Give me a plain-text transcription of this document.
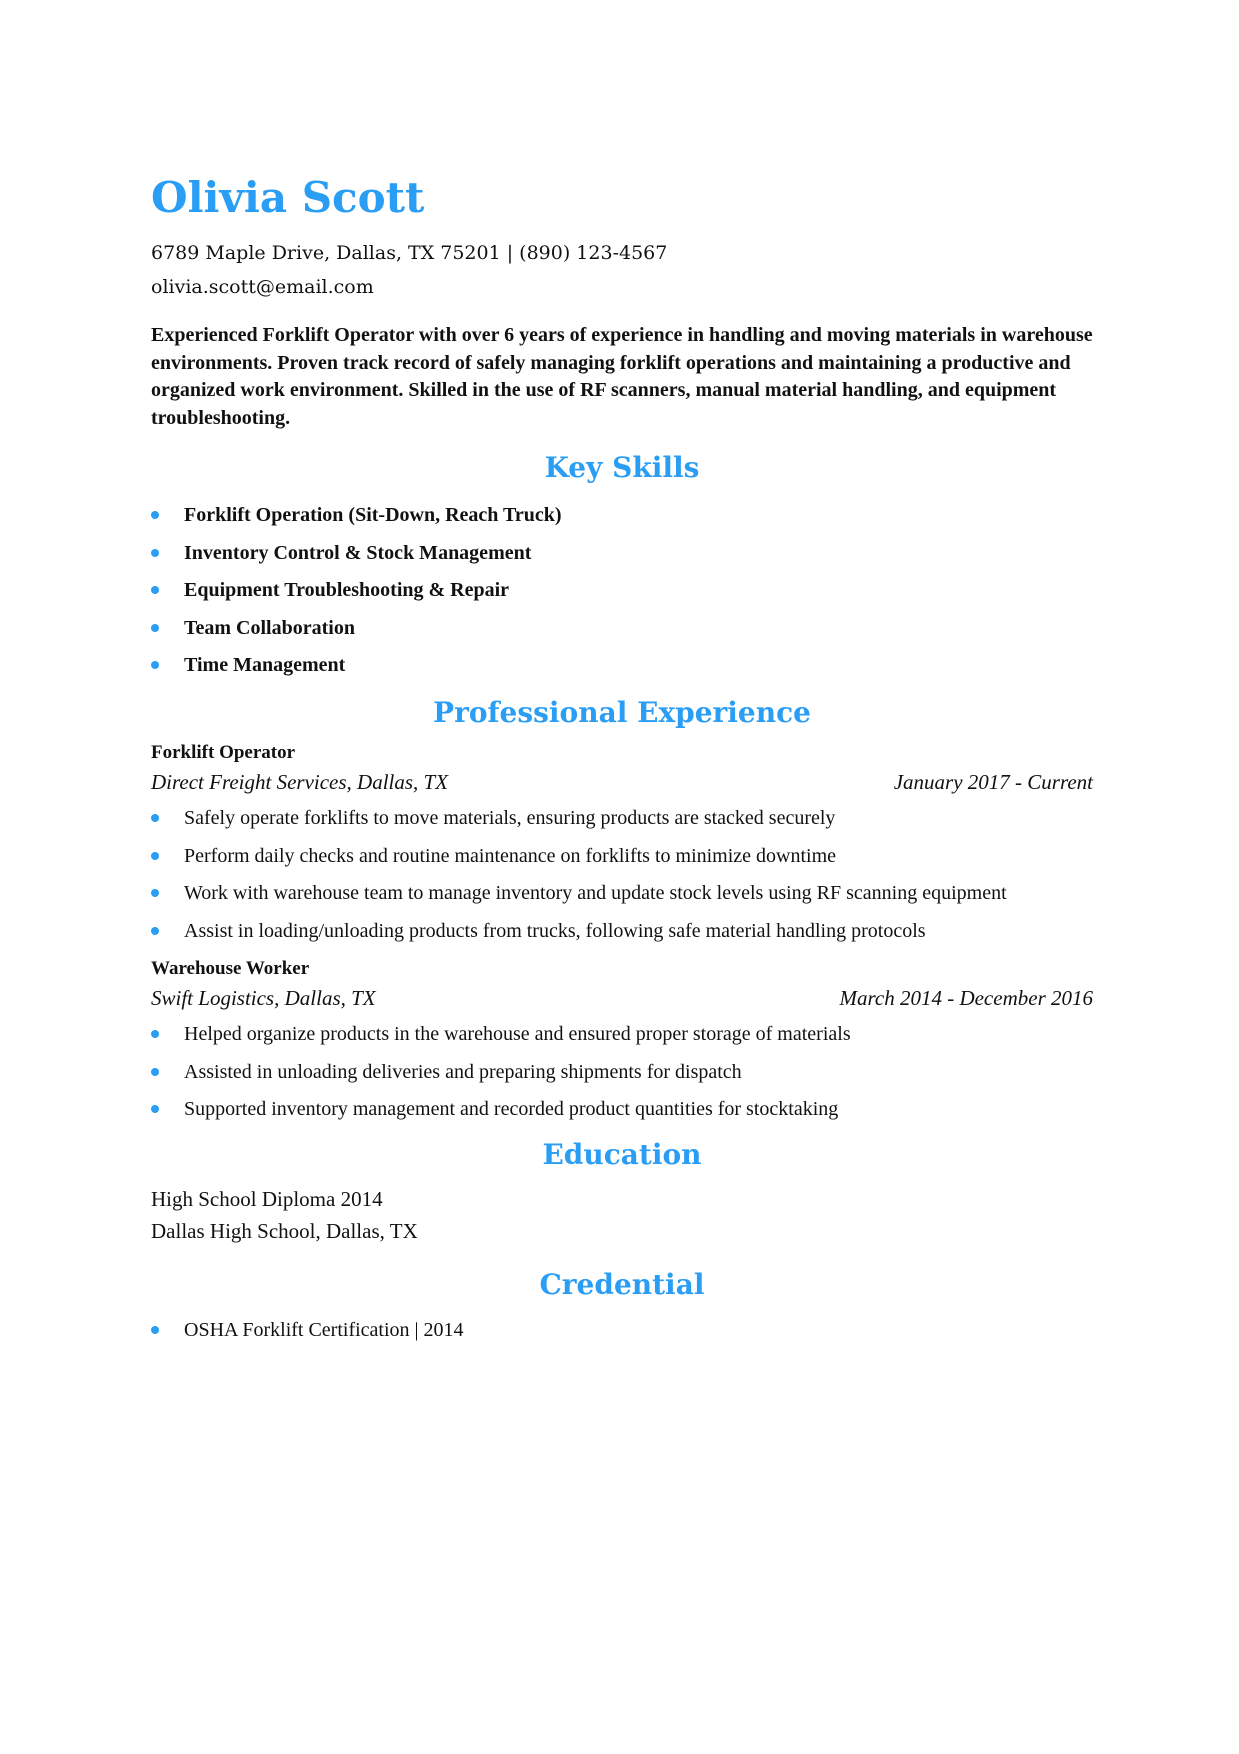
Olivia Scott

6789 Maple Drive, Dallas, TX 75201 | (890) 123-4567

olivia.scott@email.com

Experienced Forklift Operator with over 6 years of experience in handling and moving materials in warehouse environments. Proven track record of safely managing forklift operations and maintaining a productive and organized work environment. Skilled in the use of RF scanners, manual material handling, and equipment troubleshooting.

Key Skills
Forklift Operation (Sit-Down, Reach Truck)
Inventory Control & Stock Management
Equipment Troubleshooting & Repair
Team Collaboration
Time Management
Professional Experience

Forklift Operator

Direct Freight Services, Dallas, TX	January 2017 - Current
Safely operate forklifts to move materials, ensuring products are stacked securely
Perform daily checks and routine maintenance on forklifts to minimize downtime
Work with warehouse team to manage inventory and update stock levels using RF scanning equipment
Assist in loading/unloading products from trucks, following safe material handling protocols

Warehouse Worker

Swift Logistics, Dallas, TX	March 2014 - December 2016
Helped organize products in the warehouse and ensured proper storage of materials
Assisted in unloading deliveries and preparing shipments for dispatch
Supported inventory management and recorded product quantities for stocktaking
Education

High School Diploma 2014

Dallas High School, Dallas, TX

Credential
OSHA Forklift Certification | 2014
